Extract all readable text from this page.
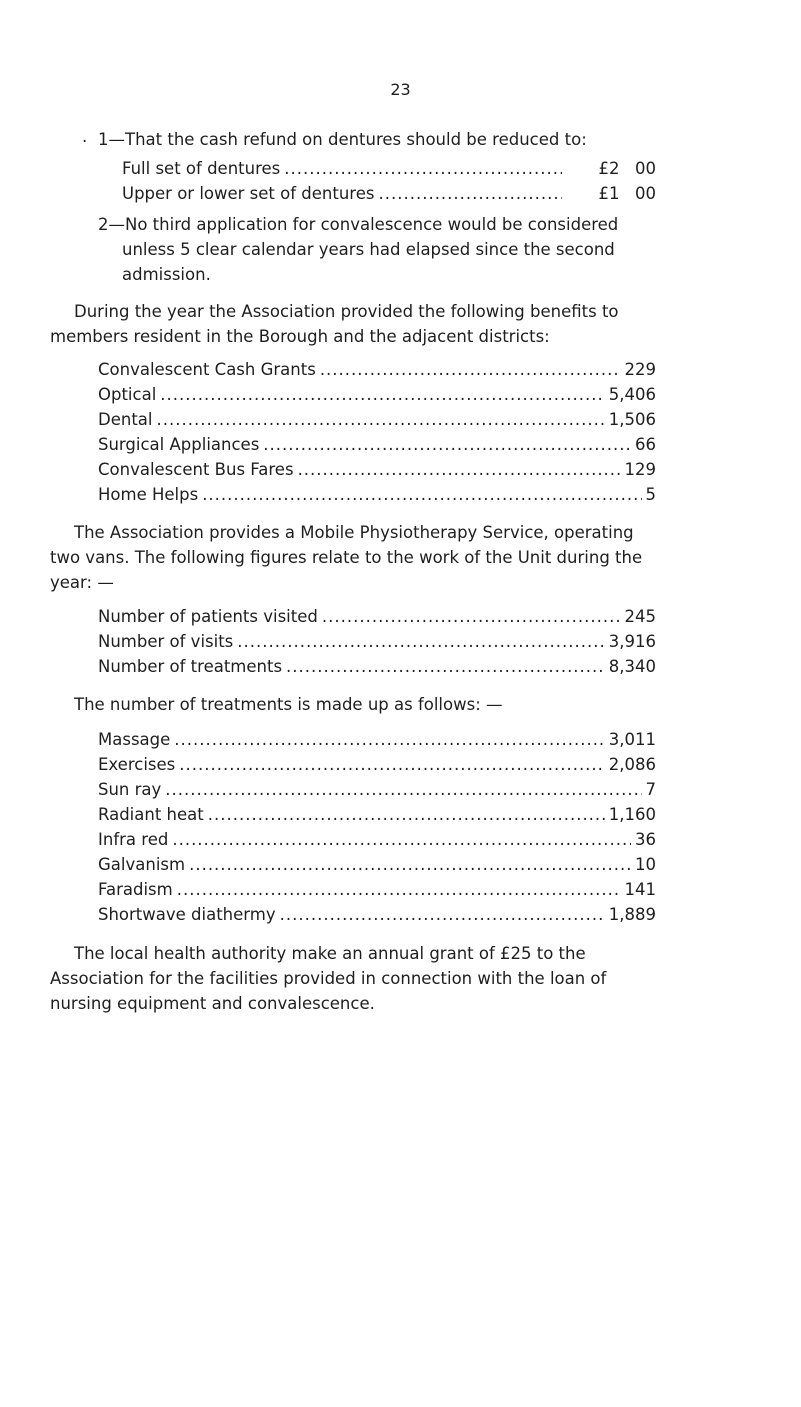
23
· 1—That the cash refund on dentures should be reduced to:
Full set of dentures .....	£2 00
Upper or lower set of dentures .....	£1 00
2—No third application for convalescence would be considered
unless 5 clear calendar years had elapsed since the second
admission.
During the year the Association provided the following benefits to
members resident in the Borough and the adjacent districts:
Convalescent Cash Grants .....	229
Optical .....	5,406
Dental .....	1,506
Surgical Appliances .....	66
Convalescent Bus Fares .....	129
Home Helps .....	5
The Association provides a Mobile Physiotherapy Service, operating
two vans. The following figures relate to the work of the Unit during the
year: —
Number of patients visited .....	245
Number of visits .....	3,916
Number of treatments .....	8,340
The number of treatments is made up as follows: —
Massage .....	3,011
Exercises .....	2,086
Sun ray .....	7
Radiant heat .....	1,160
Infra red .....	36
Galvanism .....	10
Faradism .....	141
Shortwave diathermy .....	1,889
The local health authority make an annual grant of £25 to the
Association for the facilities provided in connection with the loan of
nursing equipment and convalescence.
